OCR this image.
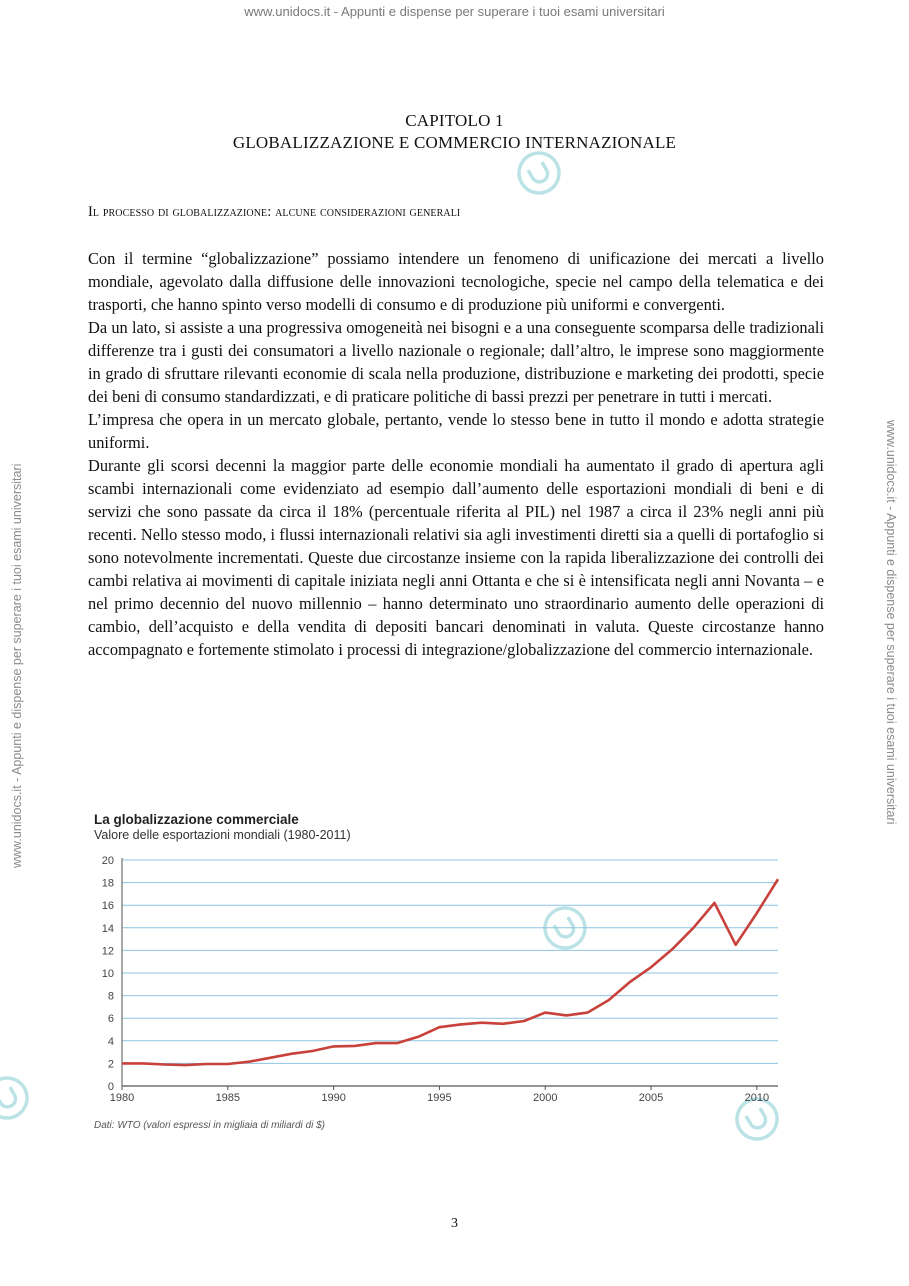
www.unidocs.it - Appunti e dispense per superare i tuoi esami universitari
www.unidocs.it - Appunti e dispense per superare i tuoi esami universitari	www.unidocs.it - Appunti e dispense per superare i tuoi esami universitari
CAPITOLO 1
GLOBALIZZAZIONE E COMMERCIO INTERNAZIONALE
Il processo di globalizzazione: alcune considerazioni generali

Con il termine “globalizzazione” possiamo intendere un fenomeno di unificazione dei mercati a livello mondiale, agevolato dalla diffusione delle innovazioni tecnologiche, specie nel campo della telematica e dei trasporti, che hanno spinto verso modelli di consumo e di produzione più uniformi e convergenti.

Da un lato, si assiste a una progressiva omogeneità nei bisogni e a una conseguente scomparsa delle tradizionali differenze tra i gusti dei consumatori a livello nazionale o regionale; dall’altro, le imprese sono maggiormente in grado di sfruttare rilevanti economie di scala nella produzione, distribuzione e marketing dei prodotti, specie dei beni di consumo standardizzati, e di praticare politiche di bassi prezzi per penetrare in tutti i mercati.

L’impresa che opera in un mercato globale, pertanto, vende lo stesso bene in tutto il mondo e adotta strategie uniformi.

Durante gli scorsi decenni la maggior parte delle economie mondiali ha aumentato il grado di apertura agli scambi internazionali come evidenziato ad esempio dall’aumento delle esportazioni mondiali di beni e di servizi che sono passate da circa il 18% (percentuale riferita al PIL) nel 1987 a circa il 23% negli anni più recenti. Nello stesso modo, i flussi internazionali relativi sia agli investimenti diretti sia a quelli di portafoglio si sono notevolmente incrementati. Queste due circostanze insieme con la rapida liberalizzazione dei controlli dei cambi relativa ai movimenti di capitale iniziata negli anni Ottanta e che si è intensificata negli anni Novanta – e nel primo decennio del nuovo millennio – hanno determinato uno straordinario aumento delle operazioni di cambio, dell’acquisto e della vendita di depositi bancari denominati in valuta. Queste circostanze hanno accompagnato e fortemente stimolato i processi di integrazione/globalizzazione del commercio internazionale.

0
2
4
6
8
10
12
14
16
18
20
1980	1985	1990	1995	2000	2005	2010
La globalizzazione commerciale
Valore delle esportazioni mondiali (1980-2011)
Dati: WTO (valori espressi in migliaia di miliardi di $)
3
